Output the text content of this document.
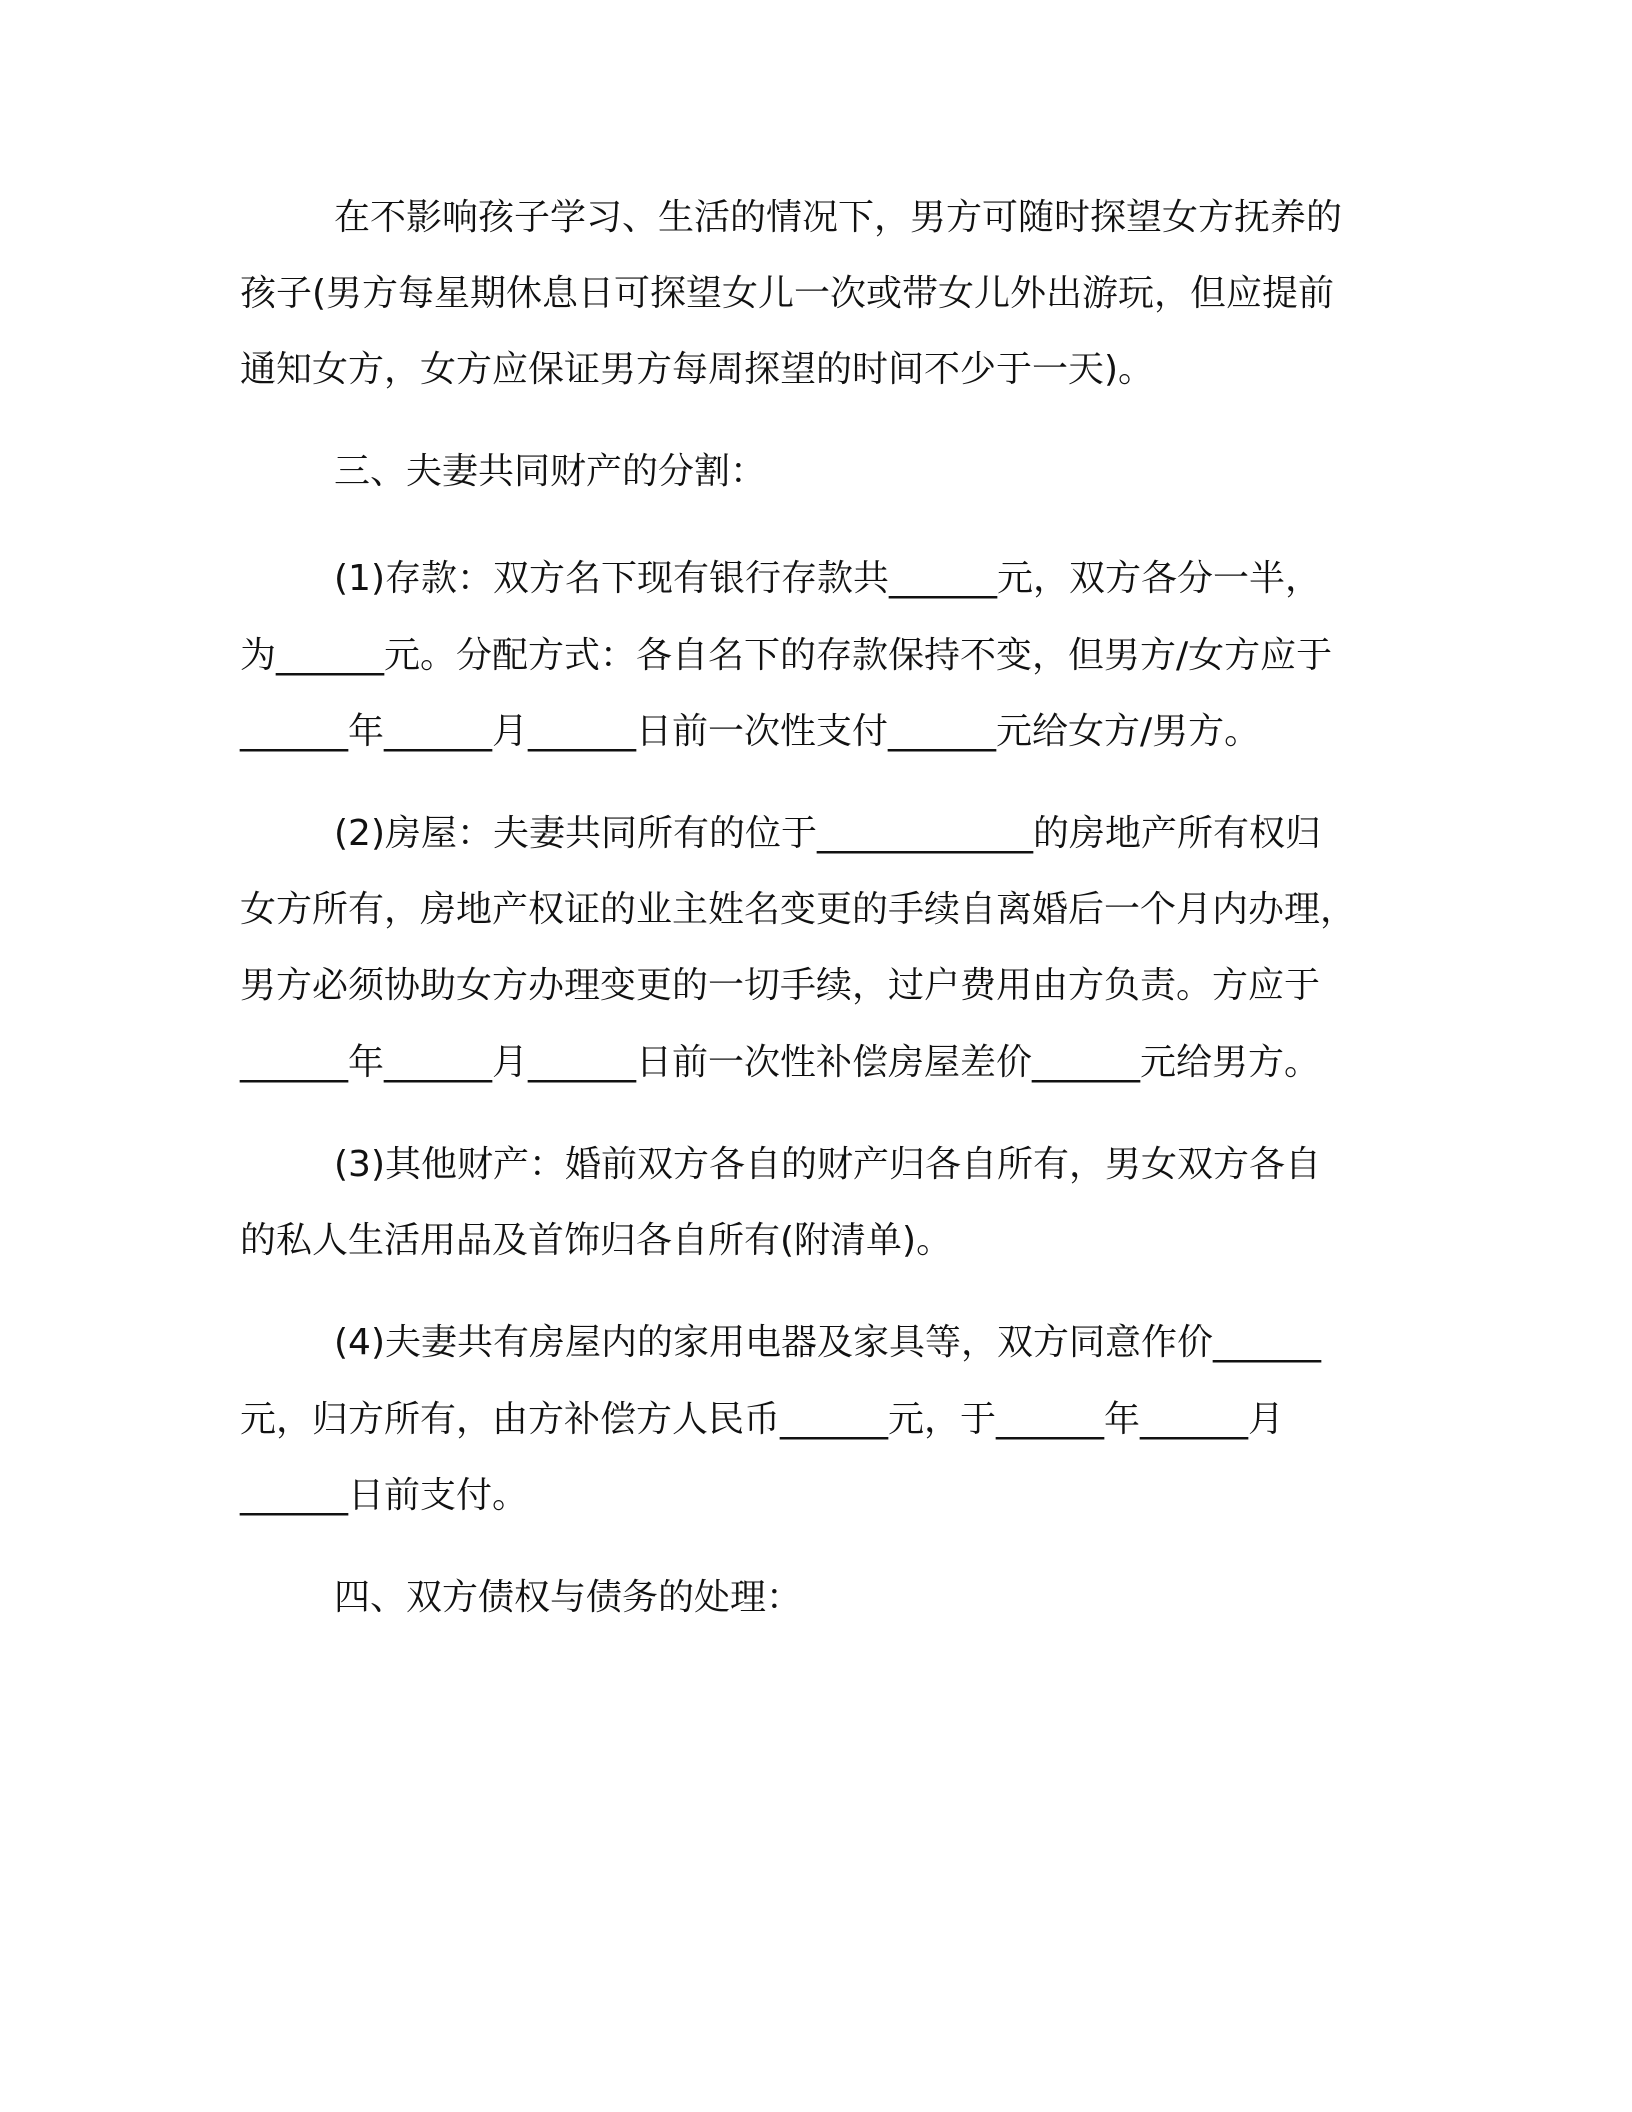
在不影响孩子学习、生活的情况下，男方可随时探望女方抚养的

孩子(男方每星期休息日可探望女儿一次或带女儿外出游玩，但应提前

通知女方，女方应保证男方每周探望的时间不少于一天)。

三、夫妻共同财产的分割：

(1)存款：双方名下现有银行存款共______元，双方各分一半，

为______元。分配方式：各自名下的存款保持不变，但男方/女方应于

______年______月______日前一次性支付______元给女方/男方。

(2)房屋：夫妻共同所有的位于____________的房地产所有权归

女方所有，房地产权证的业主姓名变更的手续自离婚后一个月内办理，

男方必须协助女方办理变更的一切手续，过户费用由方负责。方应于

______年______月______日前一次性补偿房屋差价______元给男方。

(3)其他财产：婚前双方各自的财产归各自所有，男女双方各自

的私人生活用品及首饰归各自所有(附清单)。

(4)夫妻共有房屋内的家用电器及家具等，双方同意作价______

元，归方所有，由方补偿方人民币______元，于______年______月

______日前支付。

四、双方债权与债务的处理：
